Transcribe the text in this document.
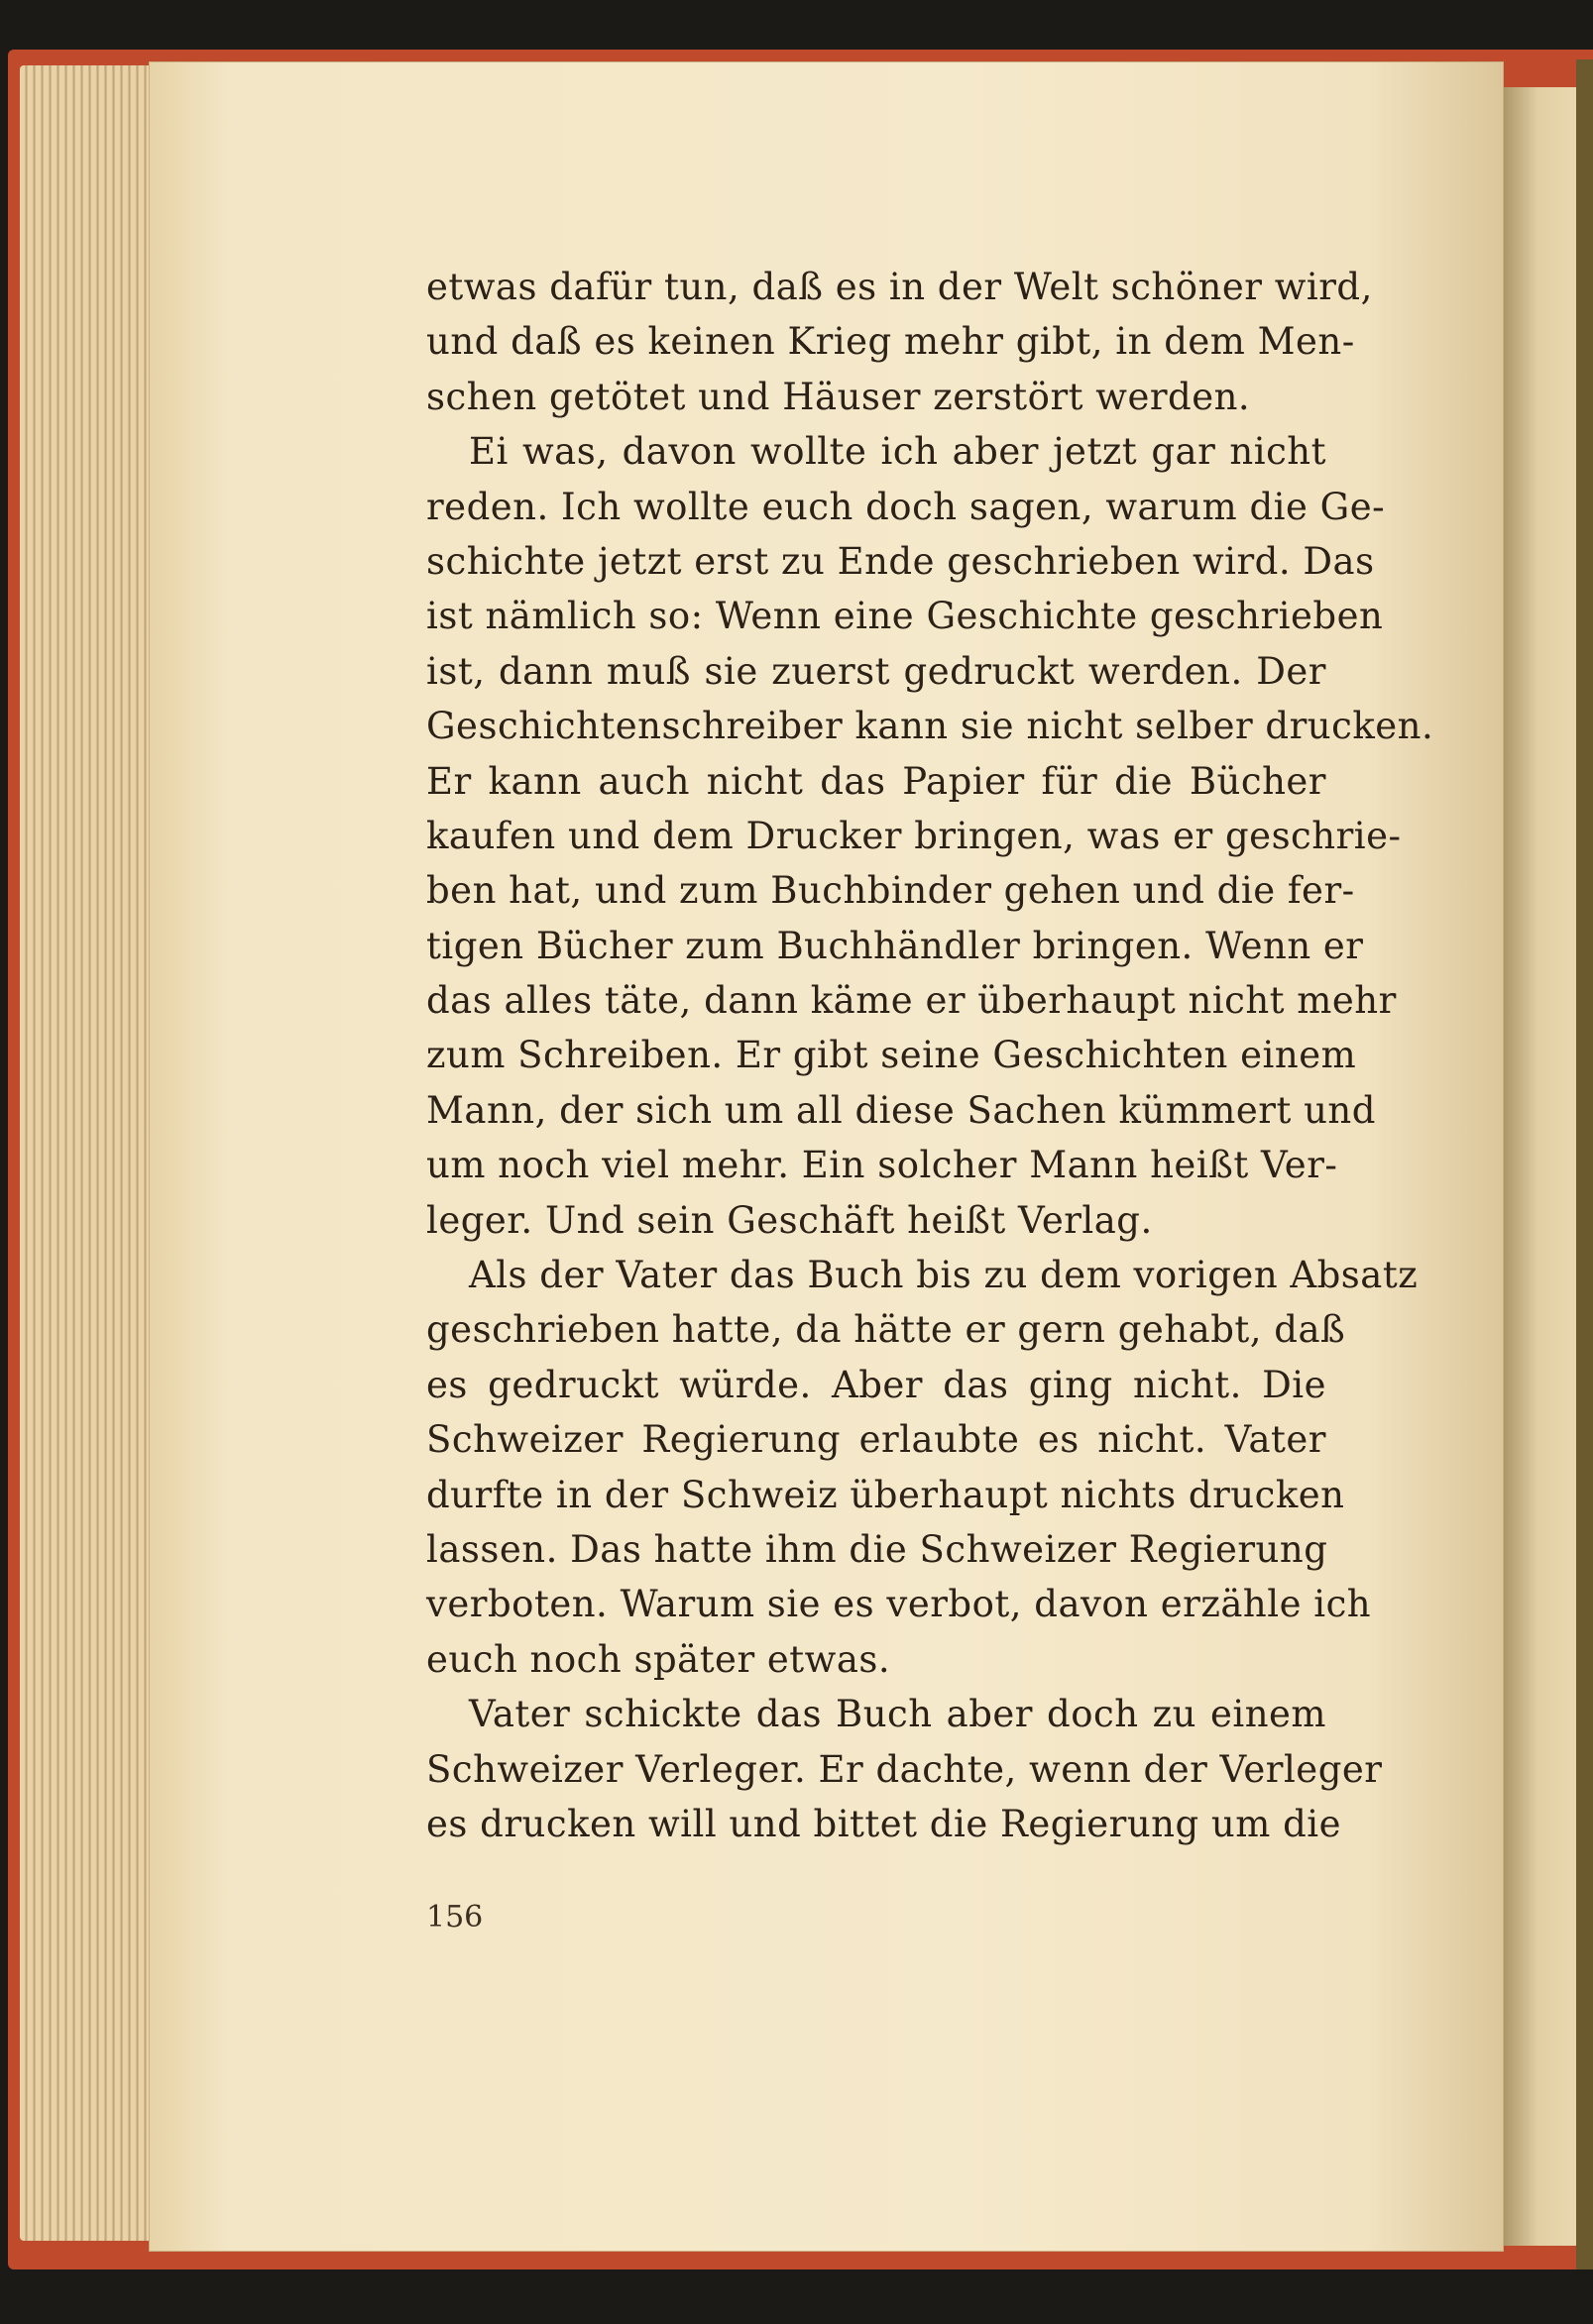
etwas dafür tun, daß es in der Welt schöner wird,
und daß es keinen Krieg mehr gibt, in dem Men-
schen getötet und Häuser zerstört werden.
Ei was, davon wollte ich aber jetzt gar nicht
reden. Ich wollte euch doch sagen, warum die Ge-
schichte jetzt erst zu Ende geschrieben wird. Das
ist nämlich so: Wenn eine Geschichte geschrieben
ist, dann muß sie zuerst gedruckt werden. Der
Geschichtenschreiber kann sie nicht selber drucken.
Er kann auch nicht das Papier für die Bücher
kaufen und dem Drucker bringen, was er geschrie-
ben hat, und zum Buchbinder gehen und die fer-
tigen Bücher zum Buchhändler bringen. Wenn er
das alles täte, dann käme er überhaupt nicht mehr
zum Schreiben. Er gibt seine Geschichten einem
Mann, der sich um all diese Sachen kümmert und
um noch viel mehr. Ein solcher Mann heißt Ver-
leger. Und sein Geschäft heißt Verlag.
Als der Vater das Buch bis zu dem vorigen Absatz
geschrieben hatte, da hätte er gern gehabt, daß
es gedruckt würde. Aber das ging nicht. Die
Schweizer Regierung erlaubte es nicht. Vater
durfte in der Schweiz überhaupt nichts drucken
lassen. Das hatte ihm die Schweizer Regierung
verboten. Warum sie es verbot, davon erzähle ich
euch noch später etwas.
Vater schickte das Buch aber doch zu einem
Schweizer Verleger. Er dachte, wenn der Verleger
es drucken will und bittet die Regierung um die
156
